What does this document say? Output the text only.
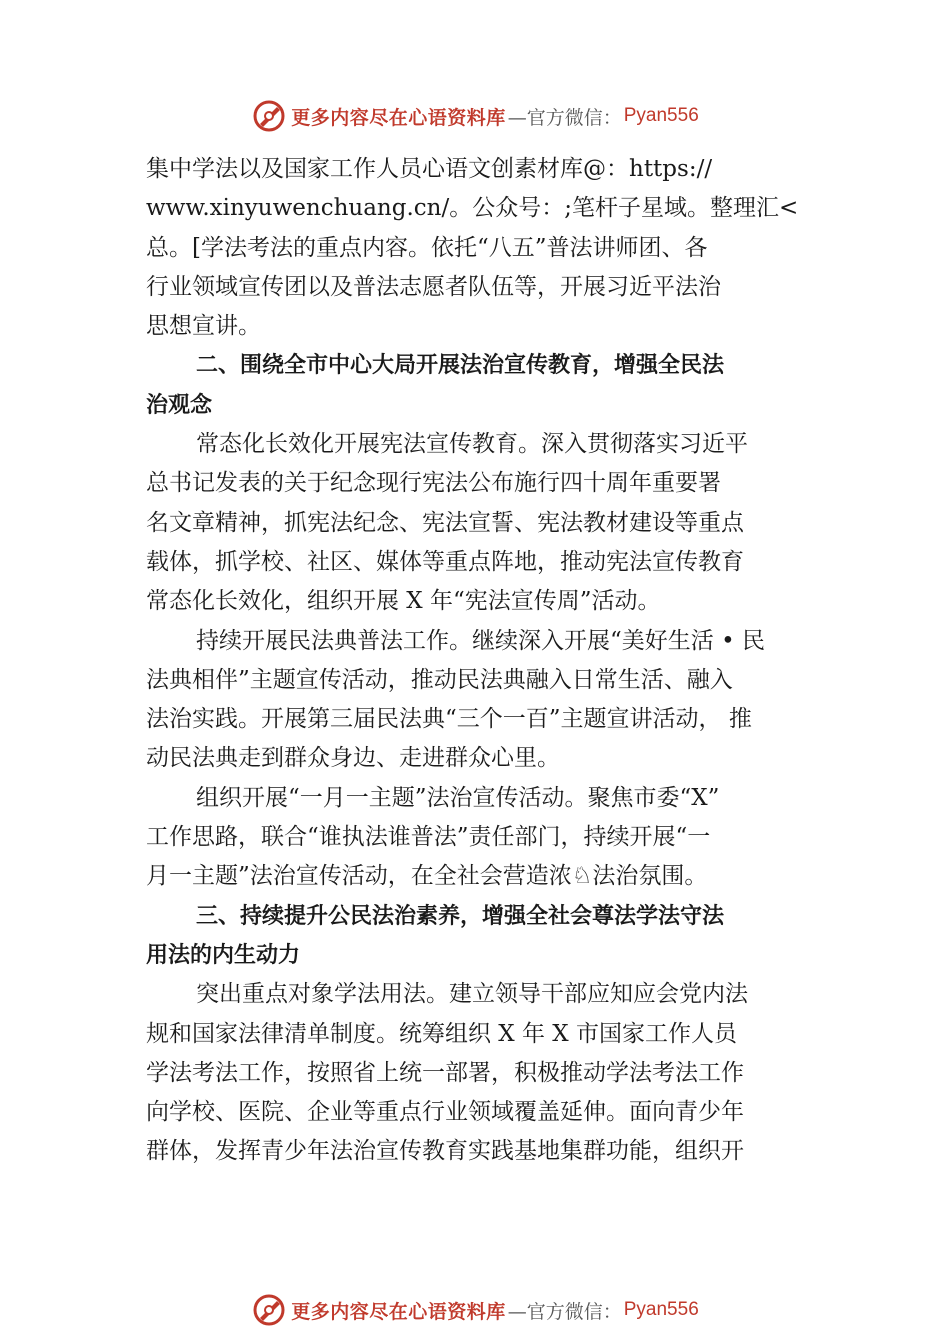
更多内容尽在心语资料库 —官方微信： Pyan556
集中学法以及国家工作人员心语文创素材库@：https://
www.xinyuwenchuang.cn/。公众号：;笔杆子星域。整理汇<
总。[学法考法的重点内容。依托“八五”普法讲师团、各
行业领域宣传团以及普法志愿者队伍等，开展习近平法治
思想宣讲。
二、围绕全市中心大局开展法治宣传教育，增强全民法
治观念
常态化长效化开展宪法宣传教育。深入贯彻落实习近平
总书记发表的关于纪念现行宪法公布施行四十周年重要署
名文章精神，抓宪法纪念、宪法宣誓、宪法教材建设等重点
载体，抓学校、社区、媒体等重点阵地，推动宪法宣传教育
常态化长效化，组织开展 X 年“宪法宣传周”活动。
持续开展民法典普法工作。继续深入开展“美好生活 • 民
法典相伴”主题宣传活动，推动民法典融入日常生活、融入
法治实践。开展第三届民法典“三个一百”主题宣讲活动， 推
动民法典走到群众身边、走进群众心里。
组织开展“一月一主题”法治宣传活动。聚焦市委“X”
工作思路，联合“谁执法谁普法”责任部门，持续开展“一
月一主题”法治宣传活动，在全社会营造浓♘法治氛围。
三、持续提升公民法治素养，增强全社会尊法学法守法
用法的内生动力
突出重点对象学法用法。建立领导干部应知应会党内法
规和国家法律清单制度。统筹组织 X 年 X 市国家工作人员
学法考法工作，按照省上统一部署，积极推动学法考法工作
向学校、医院、企业等重点行业领域覆盖延伸。面向青少年
群体，发挥青少年法治宣传教育实践基地集群功能，组织开
更多内容尽在心语资料库 —官方微信： Pyan556
